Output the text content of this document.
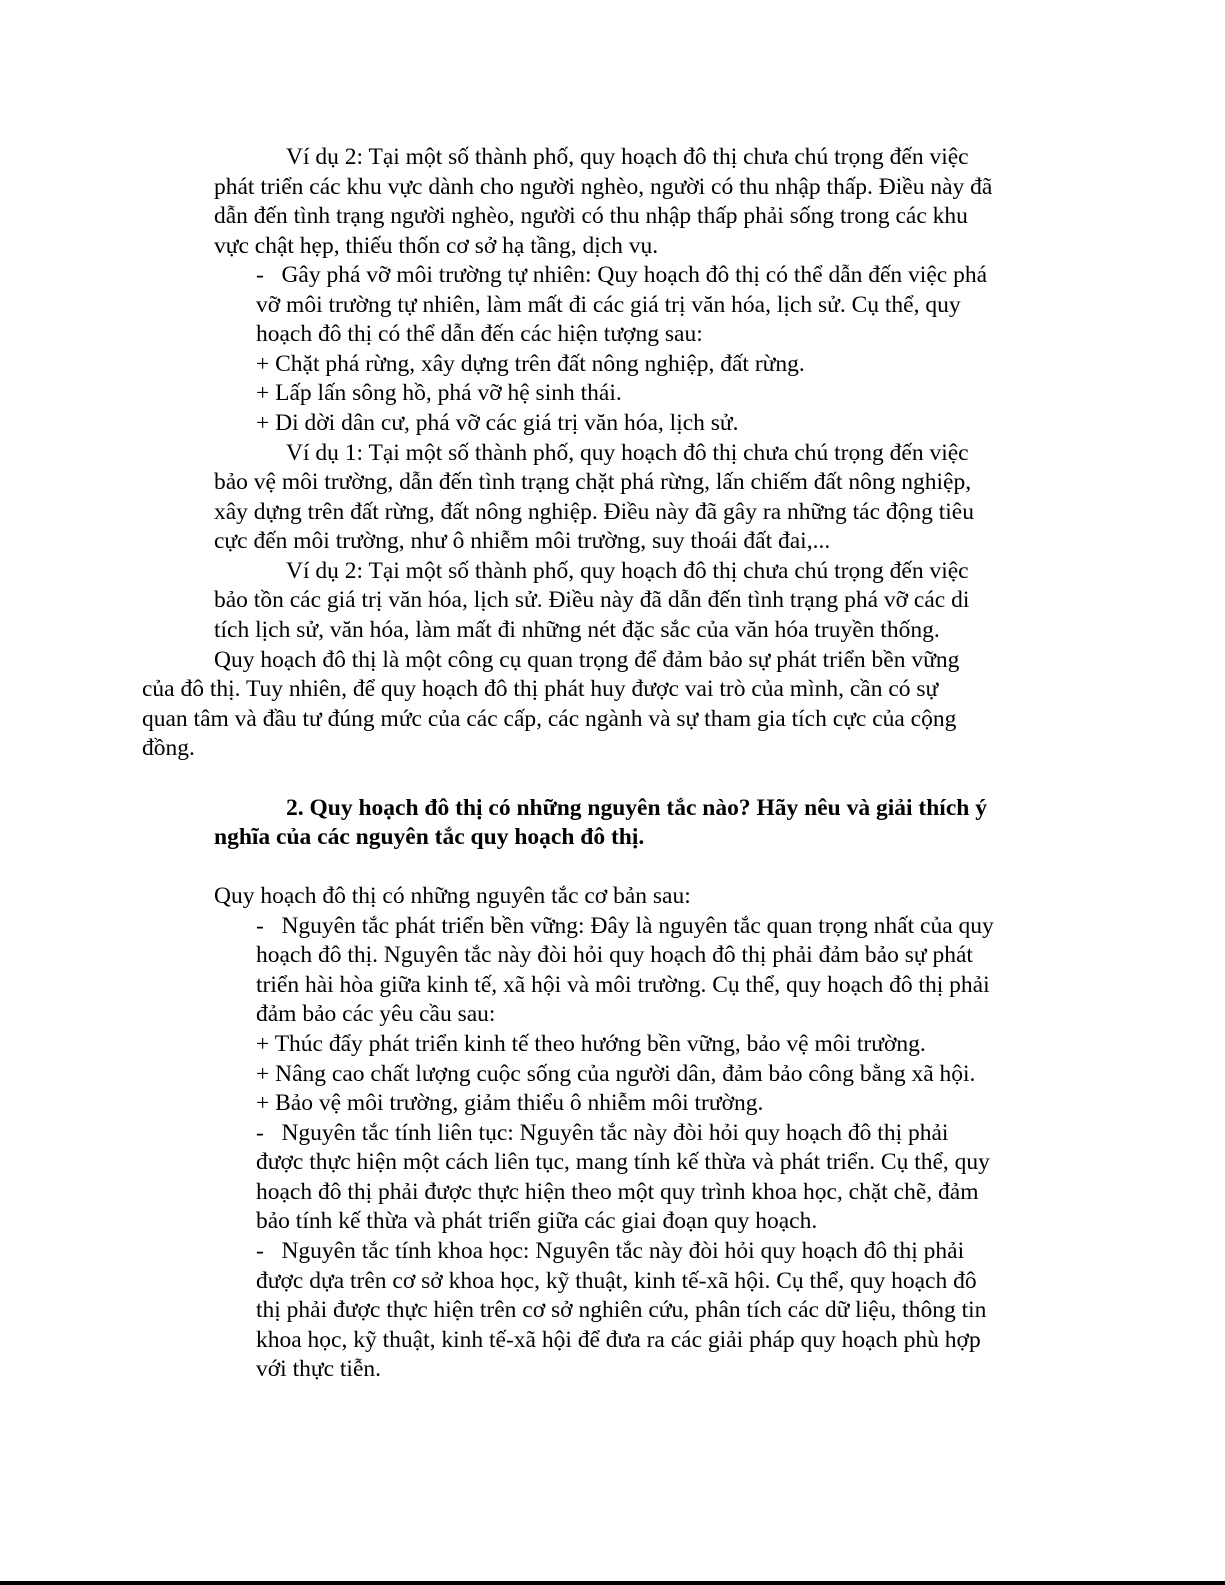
Ví dụ 2: Tại một số thành phố, quy hoạch đô thị chưa chú trọng đến việc
phát triển các khu vực dành cho người nghèo, người có thu nhập thấp. Điều này đã
dẫn đến tình trạng người nghèo, người có thu nhập thấp phải sống trong các khu
vực chật hẹp, thiếu thốn cơ sở hạ tầng, dịch vụ.
-   Gây phá vỡ môi trường tự nhiên: Quy hoạch đô thị có thể dẫn đến việc phá
vỡ môi trường tự nhiên, làm mất đi các giá trị văn hóa, lịch sử. Cụ thể, quy
hoạch đô thị có thể dẫn đến các hiện tượng sau:
+ Chặt phá rừng, xây dựng trên đất nông nghiệp, đất rừng.
+ Lấp lấn sông hồ, phá vỡ hệ sinh thái.
+ Di dời dân cư, phá vỡ các giá trị văn hóa, lịch sử.
Ví dụ 1: Tại một số thành phố, quy hoạch đô thị chưa chú trọng đến việc
bảo vệ môi trường, dẫn đến tình trạng chặt phá rừng, lấn chiếm đất nông nghiệp,
xây dựng trên đất rừng, đất nông nghiệp. Điều này đã gây ra những tác động tiêu
cực đến môi trường, như ô nhiễm môi trường, suy thoái đất đai,...
Ví dụ 2: Tại một số thành phố, quy hoạch đô thị chưa chú trọng đến việc
bảo tồn các giá trị văn hóa, lịch sử. Điều này đã dẫn đến tình trạng phá vỡ các di
tích lịch sử, văn hóa, làm mất đi những nét đặc sắc của văn hóa truyền thống.
Quy hoạch đô thị là một công cụ quan trọng để đảm bảo sự phát triển bền vững
của đô thị. Tuy nhiên, để quy hoạch đô thị phát huy được vai trò của mình, cần có sự
quan tâm và đầu tư đúng mức của các cấp, các ngành và sự tham gia tích cực của cộng
đồng.
2. Quy hoạch đô thị có những nguyên tắc nào? Hãy nêu và giải thích ý
nghĩa của các nguyên tắc quy hoạch đô thị.
Quy hoạch đô thị có những nguyên tắc cơ bản sau:
-   Nguyên tắc phát triển bền vững: Đây là nguyên tắc quan trọng nhất của quy
hoạch đô thị. Nguyên tắc này đòi hỏi quy hoạch đô thị phải đảm bảo sự phát
triển hài hòa giữa kinh tế, xã hội và môi trường. Cụ thể, quy hoạch đô thị phải
đảm bảo các yêu cầu sau:
+ Thúc đẩy phát triển kinh tế theo hướng bền vững, bảo vệ môi trường.
+ Nâng cao chất lượng cuộc sống của người dân, đảm bảo công bằng xã hội.
+ Bảo vệ môi trường, giảm thiểu ô nhiễm môi trường.
-   Nguyên tắc tính liên tục: Nguyên tắc này đòi hỏi quy hoạch đô thị phải
được thực hiện một cách liên tục, mang tính kế thừa và phát triển. Cụ thể, quy
hoạch đô thị phải được thực hiện theo một quy trình khoa học, chặt chẽ, đảm
bảo tính kế thừa và phát triển giữa các giai đoạn quy hoạch.
-   Nguyên tắc tính khoa học: Nguyên tắc này đòi hỏi quy hoạch đô thị phải
được dựa trên cơ sở khoa học, kỹ thuật, kinh tế-xã hội. Cụ thể, quy hoạch đô
thị phải được thực hiện trên cơ sở nghiên cứu, phân tích các dữ liệu, thông tin
khoa học, kỹ thuật, kinh tế-xã hội để đưa ra các giải pháp quy hoạch phù hợp
với thực tiễn.
